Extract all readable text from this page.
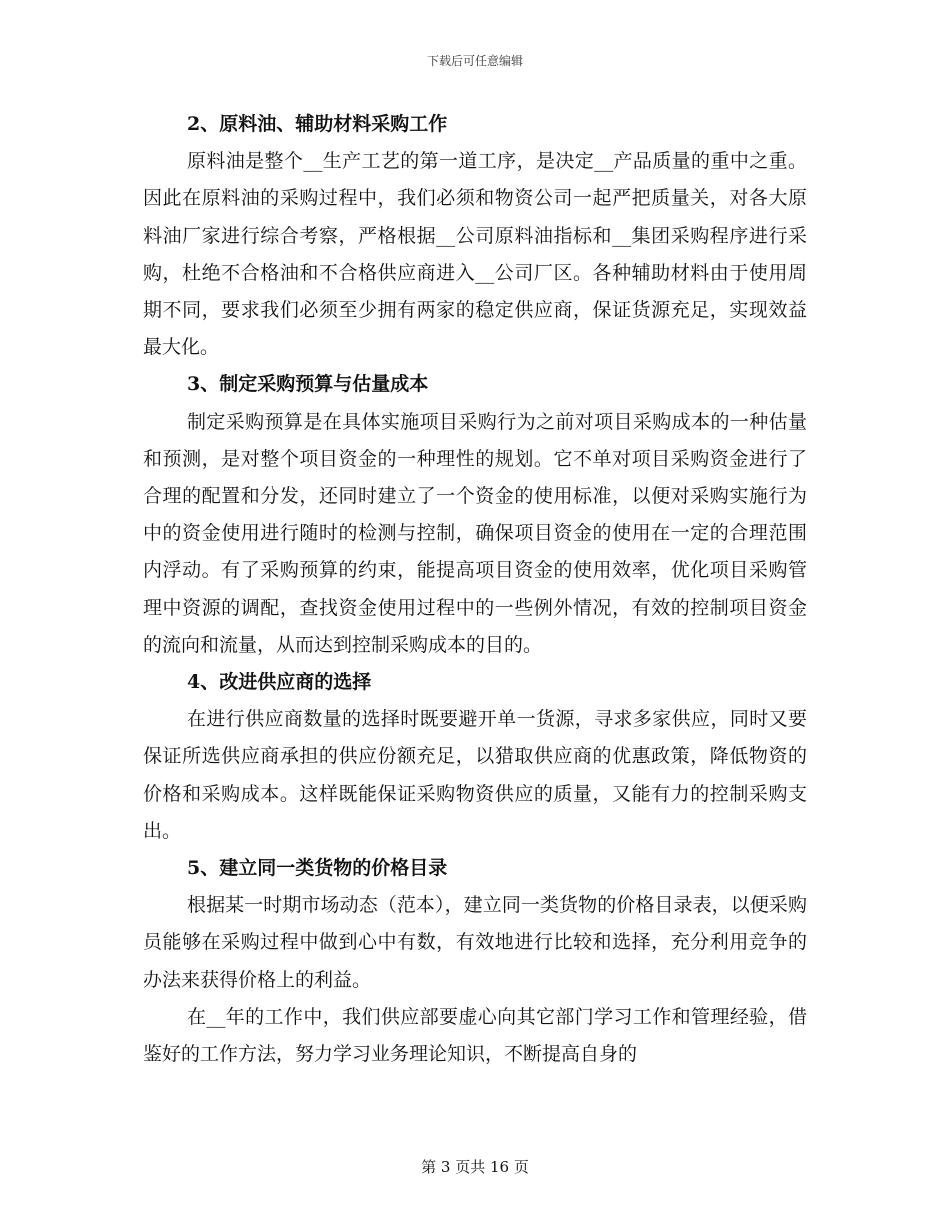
下载后可任意编辑

2、原料油、辅助材料采购工作

原料油是整个__生产工艺的第一道工序，是决定__产品质量的重中之重。因此在原料油的采购过程中，我们必须和物资公司一起严把质量关，对各大原料油厂家进行综合考察，严格根据__公司原料油指标和__集团采购程序进行采购，杜绝不合格油和不合格供应商进入__公司厂区。各种辅助材料由于使用周期不同，要求我们必须至少拥有两家的稳定供应商，保证货源充足，实现效益最大化。

3、制定采购预算与估量成本

制定采购预算是在具体实施项目采购行为之前对项目采购成本的一种估量和预测，是对整个项目资金的一种理性的规划。它不单对项目采购资金进行了合理的配置和分发，还同时建立了一个资金的使用标准，以便对采购实施行为中的资金使用进行随时的检测与控制，确保项目资金的使用在一定的合理范围内浮动。有了采购预算的约束，能提高项目资金的使用效率，优化项目采购管理中资源的调配，查找资金使用过程中的一些例外情况，有效的控制项目资金的流向和流量，从而达到控制采购成本的目的。

4、改进供应商的选择

在进行供应商数量的选择时既要避开单一货源，寻求多家供应，同时又要保证所选供应商承担的供应份额充足，以猎取供应商的优惠政策，降低物资的价格和采购成本。这样既能保证采购物资供应的质量，又能有力的控制采购支出。

5、建立同一类货物的价格目录

根据某一时期市场动态（范本），建立同一类货物的价格目录表，以便采购员能够在采购过程中做到心中有数，有效地进行比较和选择，充分利用竞争的办法来获得价格上的利益。

在__年的工作中，我们供应部要虚心向其它部门学习工作和管理经验，借鉴好的工作方法，努力学习业务理论知识，不断提高自身的

第 3 页共 16 页
